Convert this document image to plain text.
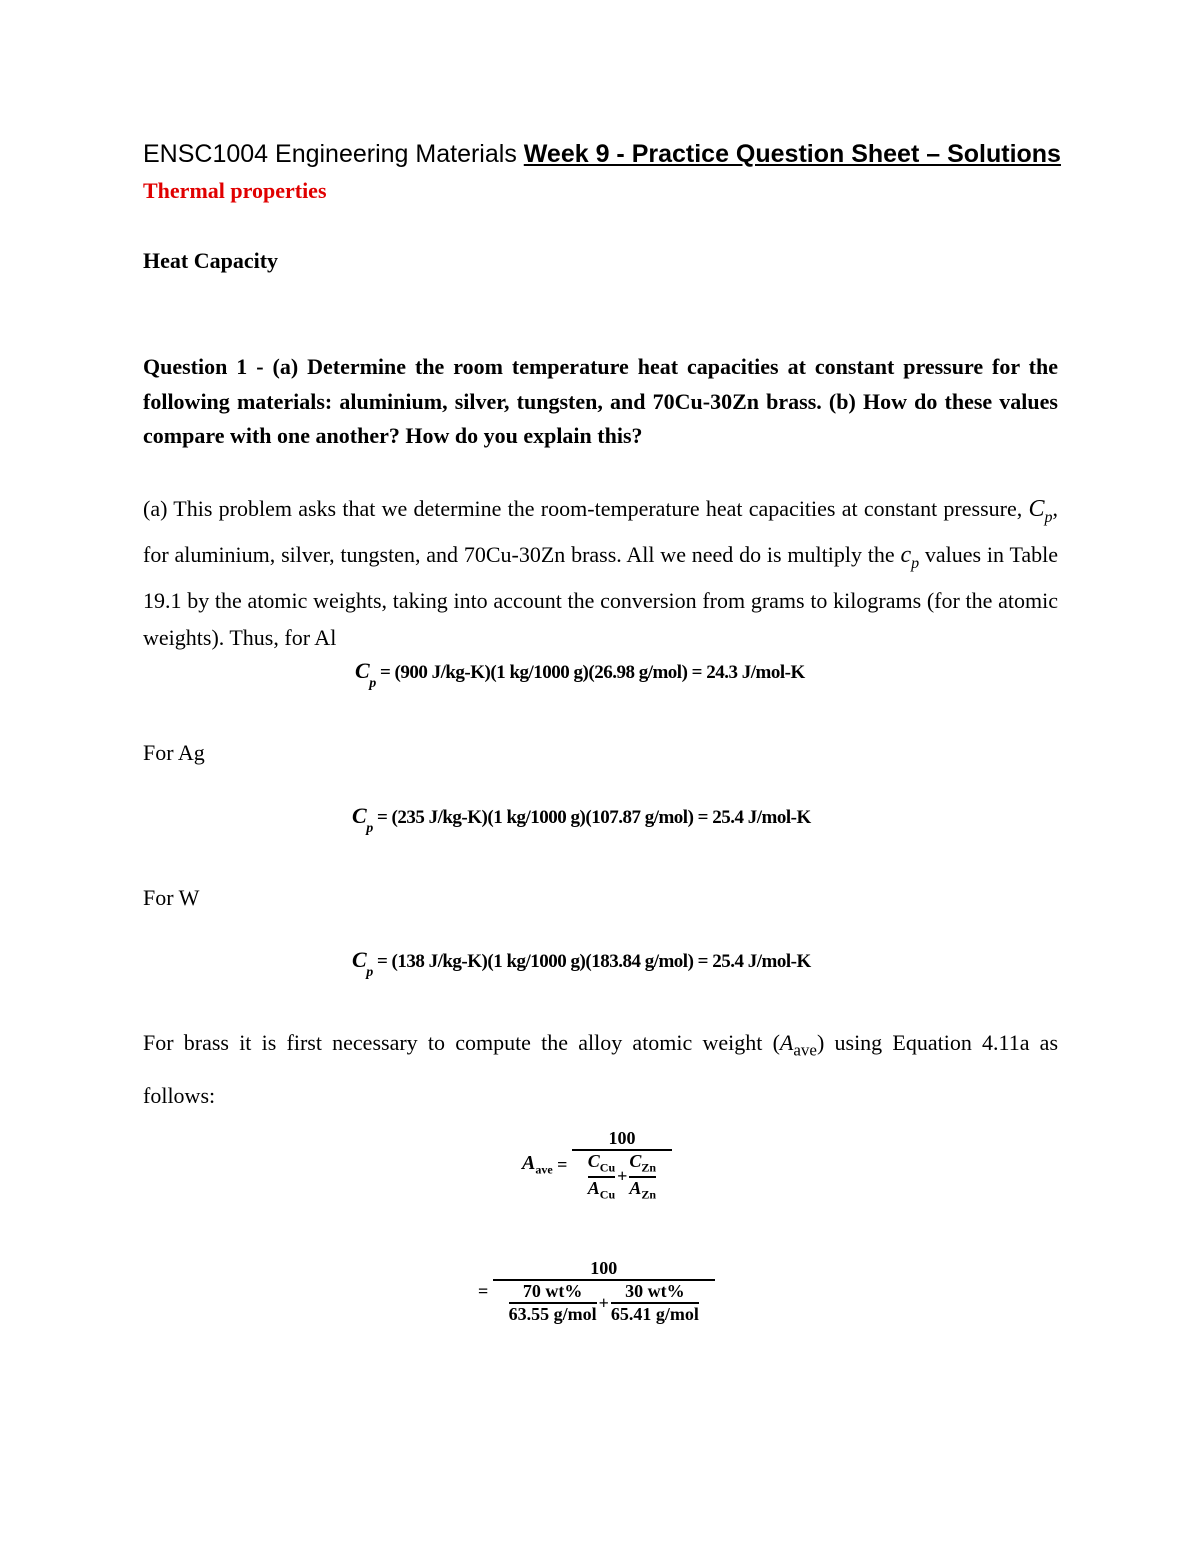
ENSC1004 Engineering Materials Week 9 - Practice Question Sheet – Solutions
Thermal properties
Heat Capacity
Question 1 - (a) Determine the room temperature heat capacities at constant pressure for the following materials: aluminium, silver, tungsten, and 70Cu-30Zn brass. (b) How do these values compare with one another? How do you explain this?
(a) This problem asks that we determine the room-temperature heat capacities at constant pressure, $C_p$, for aluminium, silver, tungsten, and 70Cu-30Zn brass. All we need do is multiply the $c_p$ values in Table 19.1 by the atomic weights, taking into account the conversion from grams to kilograms (for the atomic weights). Thus, for Al
$C_p = (900$ J/kg-K)(1 kg/1000 g)(26.98 g/mol) = 24.3 J/mol-K
For Ag
$C_p = (235$ J/kg-K)(1 kg/1000 g)(107.87 g/mol) = 25.4 J/mol-K
For W
$C_p = (138$ J/kg-K)(1 kg/1000 g)(183.84 g/mol) = 25.4 J/mol-K
For brass it is first necessary to compute the alloy atomic weight $(A_{ave})$ using Equation 4.11a as follows:
$A_{ave}$ =
100
$\frac{C_{Cu}}{A_{Cu}} + \frac{C_{Zn}}{A_{Zn}}$
=
100
$\frac{70 wt\%}{\text{63.55 g/mol}} + \frac{30 wt\%}{\text{65.41 g/mol}}$
